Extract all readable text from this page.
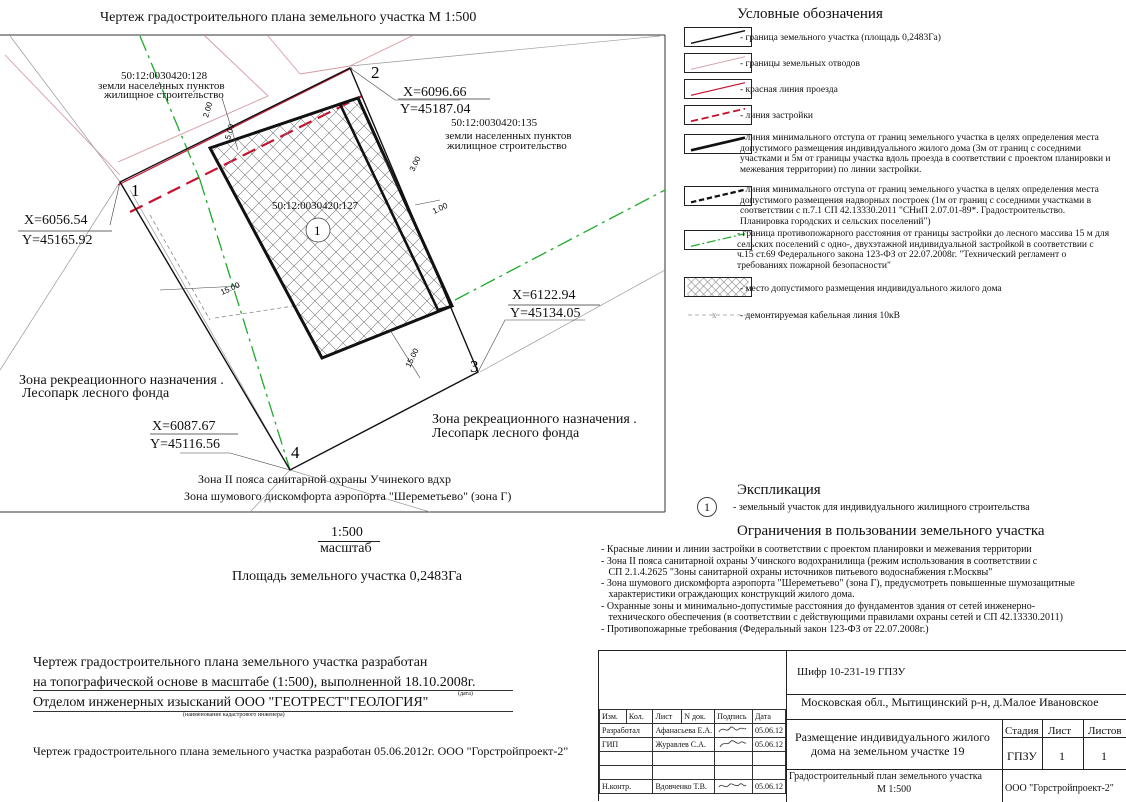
Чертеж градостроительного плана земельного участка М 1:500
2.00
5.00
3.00
1.00
15.00
15.00
1
1
2
3
4
50:12:0030420:128
земли населенных пунктов
жилищное строительство
50:12:0030420:135
земли населенных пунктов
жилищное строительство
50:12:0030420:127
X=6056.54
Y=45165.92
X=6096.66
Y=45187.04
X=6122.94
Y=45134.05
X=6087.67
Y=45116.56
Зона рекреационного назначения .
Лесопарк лесного фонда
Зона рекреационного назначения .
Лесопарк лесного фонда
Зона II пояса санитарной охраны Учинекого вдхр
Зона шумового дискомфорта аэропорта "Шереметьево" (зона Г)
1:500
масштаб
Площадь земельного участка 0,2483Га
Условные обозначения
- граница земельного участка (площадь 0,2483Га)
- границы земельных отводов
- красная линия проезда
- линия застройки
- линия минимального отступа от границ земельного участка в целях определения места допустимого размещения индивидуального жилого дома (3м от границ с соседними участками и 5м от границы участка вдоль проезда в соответствии с проектом планировки и межевания территории) по линии застройки.
- линия минимального отступа от границ земельного участка в целях определения места допустимого размещения надворных построек (1м от границ с соседними участками в соответствии с п.7.1 СП 42.13330.2011 "СНиП 2.07.01-89*. Градостроительство. Планировка городских и сельских поселений")
- граница противопожарного расстояния от границы застройки до лесного массива 15 м для сельских поселений с одно-, двухэтажной индивидуальной застройкой в соответствии с ч.15 ст.69 Федерального закона 123-ФЗ от 22.07.2008г. "Технический регламент о требованиях пожарной безопасности"
- место допустимого размещения индивидуального жилого дома
x - демонтируемая кабельная линия 10кВ
Экспликация
1	- земельный участок для индивидуального жилищного строительства
Ограничения в пользовании земельного участка
- Красные линии и линии застройки в соответствии с проектом планировки и межевания территории
- Зона II пояса санитарной охраны Учинского водохранилища (режим использования в соответствии с
СП 2.1.4.2625 "Зоны санитарной охраны источников питьевого водоснабжения г.Москвы"
- Зона шумового дискомфорта аэропорта "Шереметьево" (зона Г), предусмотреть повышенные шумозащитные
характеристики ограждающих конструкций жилого дома.
- Охранные зоны и минимально-допустимые расстояния до фундаментов здания от сетей инженерно-
технического обеспечения (в соответствии с действующими правилами охраны сетей и СП 42.13330.2011)
- Противопожарные требования (Федеральный закон 123-ФЗ от 22.07.2008г.)
Чертеж градостроительного плана земельного участка разработан
на топографической основе в масштабе (1:500), выполненной 18.10.2008г.
(дата)
Отделом инженерных изысканий ООО "ГЕОТРЕСТ"ГЕОЛОГИЯ"
(наименование кадастрового инженера)
Чертеж градостроительного плана земельного участка разработан 05.06.2012г. ООО "Горстройпроект-2"
Шифр 10-231-19 ГПЗУ
Московская обл., Мытищинский р-н, д.Малое Ивановское
Размещение индивидуального жилого
дома на земельном участке 19
Стадия Лист Листов
ГПЗУ 1	1
Градостроительный план земельного участка
М 1:500	ООО "Горстройпроект-2"
Изм.	Кол.	Лист	N док.	Подпись	Дата
Разработал		Афанасьева Е.А.			05.06.12
ГИП		Журавлев С.А.			05.06.12

Н.контр.		Вдовченко Т.В.			05.06.12
